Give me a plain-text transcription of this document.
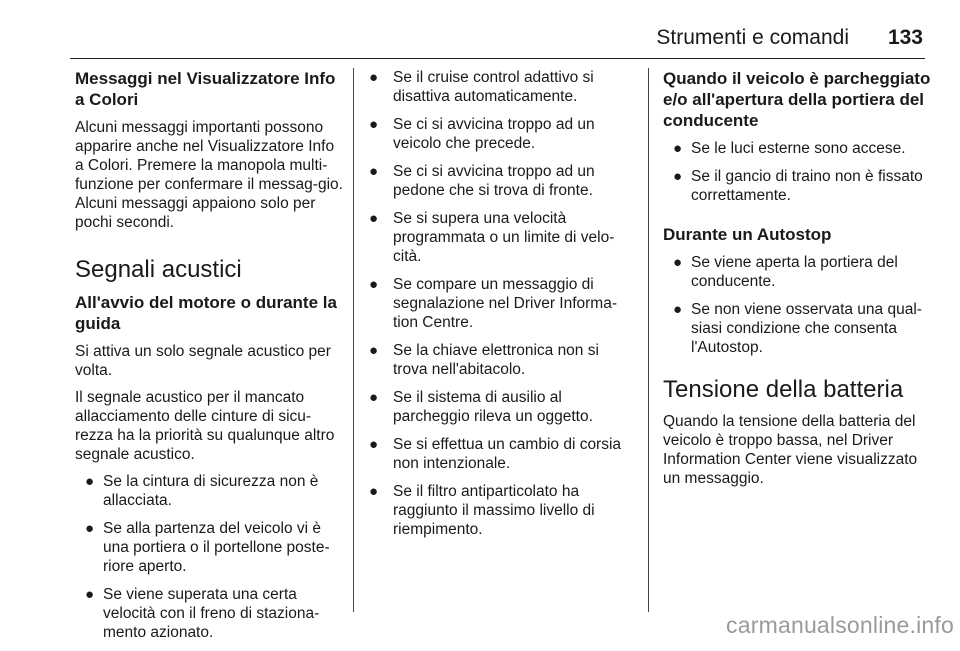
Strumenti e comandi 133
Messaggi nel Visualizzatore Info a Colori

Alcuni messaggi importanti possono apparire anche nel Visualizzatore Info a Colori. Premere la manopola multi-funzione per confermare il messag-gio. Alcuni messaggi appaiono solo per pochi secondi.

Segnali acustici
All'avvio del motore o durante la guida

Si attiva un solo segnale acustico per volta.

Il segnale acustico per il mancato allacciamento delle cinture di sicu-rezza ha la priorità su qualunque altro segnale acustico.

● Se la cintura di sicurezza non è allacciata.
● Se alla partenza del veicolo vi è una portiera o il portellone poste-riore aperto.
● Se viene superata una certa velocità con il freno di staziona-mento azionato.
● Se il cruise control adattivo si disattiva automaticamente.
● Se ci si avvicina troppo ad un veicolo che precede.
● Se ci si avvicina troppo ad un pedone che si trova di fronte.
● Se si supera una velocità programmata o un limite di velo-cità.
● Se compare un messaggio di segnalazione nel Driver Informa-tion Centre.
● Se la chiave elettronica non si trova nell'abitacolo.
● Se il sistema di ausilio al parcheggio rileva un oggetto.
● Se si effettua un cambio di corsia non intenzionale.
● Se il filtro antiparticolato ha raggiunto il massimo livello di riempimento.
Quando il veicolo è parcheggiato e/o all'apertura della portiera del conducente
● Se le luci esterne sono accese.
● Se il gancio di traino non è fissato correttamente.
Durante un Autostop
● Se viene aperta la portiera del conducente.
● Se non viene osservata una qual-siasi condizione che consenta l'Autostop.
Tensione della batteria

Quando la tensione della batteria del veicolo è troppo bassa, nel Driver Information Center viene visualizzato un messaggio.

carmanualsonline.info
